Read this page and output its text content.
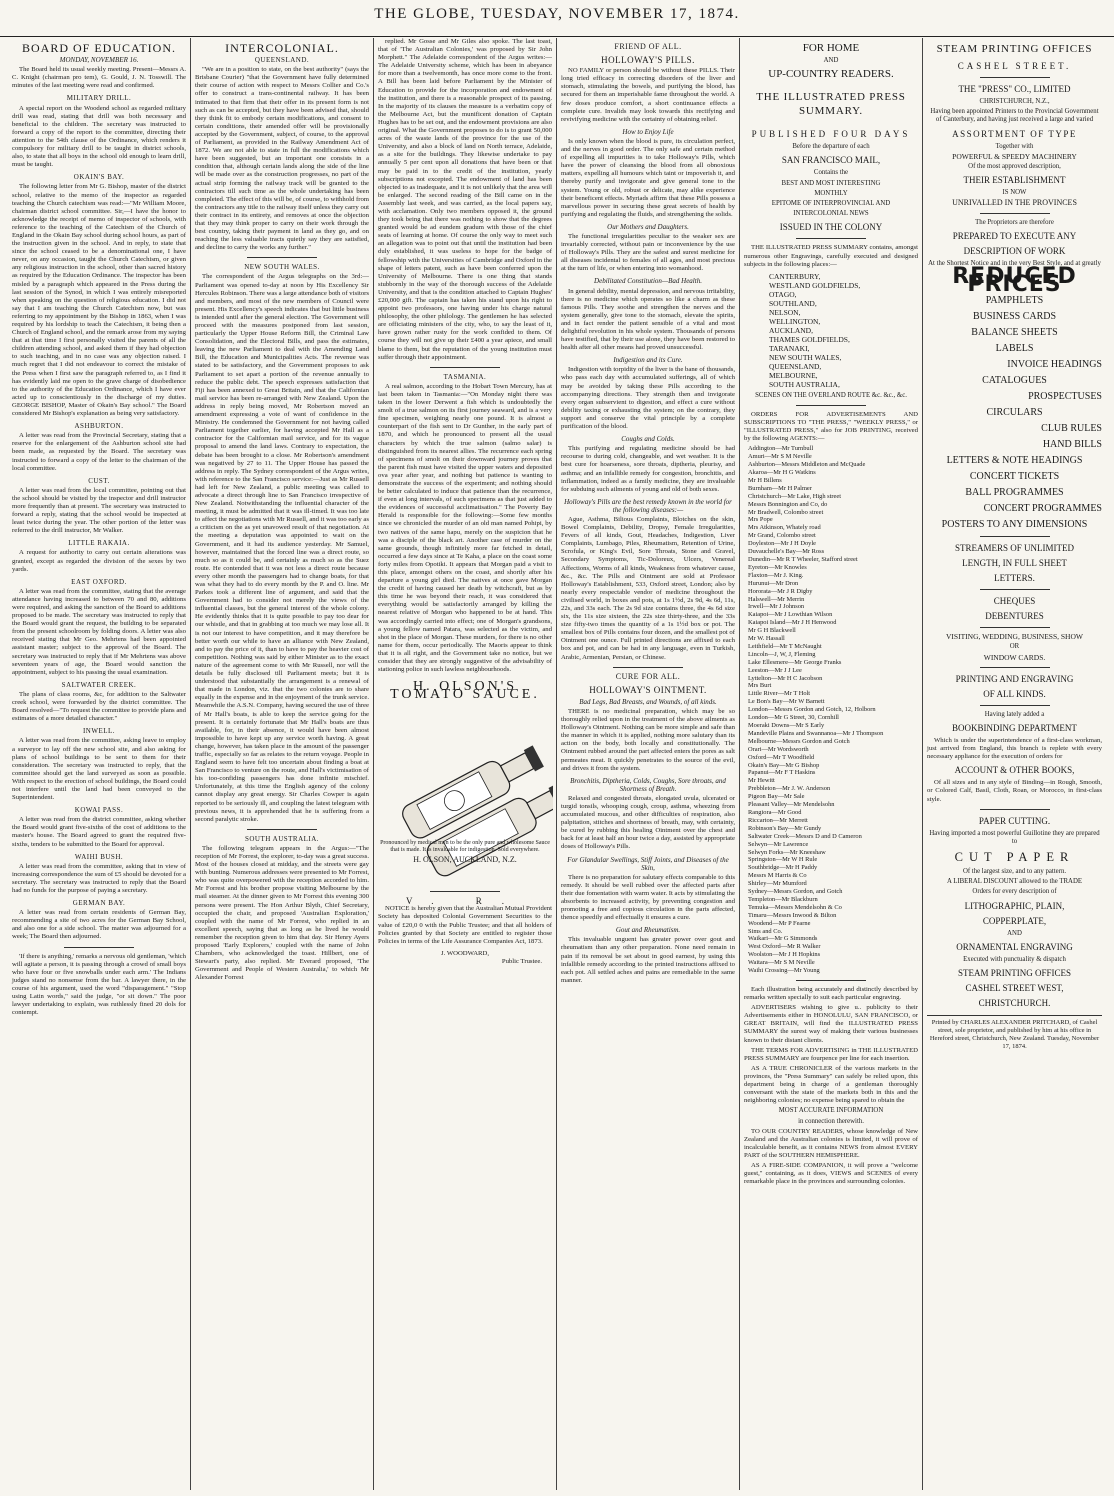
THE GLOBE, TUESDAY, NOVEMBER 17, 1874.
BOARD OF EDUCATION.
MONDAY, NOVEMBER 16.

The Board held its usual weekly meeting. Present—Messrs A. C. Knight (chairman pro tem), G. Gould, J. N. Tosswill. The minutes of the last meeting were read and confirmed.

MILITARY DRILL.

A special report on the Woodend school as regarded military drill was read, stating that drill was both necessary and beneficial to the children. The secretary was instructed to forward a copy of the report to the committee, directing their attention to the 54th clause of the Ordinance, which renders it compulsory for military drill to be taught in district schools, also, to state that all boys in the school old enough to learn drill, must be taught.

OKAIN'S BAY.

The following letter from Mr G. Bishop, master of the district school, relative to the memo of the inspector as regarded teaching the Church catechism was read:—"Mr William Moore, chairman district school committee. Sir,—I have the honor to acknowledge the receipt of memo of inspector of schools, with reference to the teaching of the Catechism of the Church of England in the Okain Bay school during school hours, as part of the instruction given in the school. And in reply, to state that since the school ceased to be a denominational one, I have never, on any occasion, taught the Church Catechism, or given any religious instruction in the school, other than sacred history as required by the Education Ordinance. The inspector has been misled by a paragraph which appeared in the Press during the last session of the Synod, in which I was entirely misreported when speaking on the question of religious education. I did not say that I am teaching the Church Catechism now, but was referring to my appointment by the Bishop in 1863, when I was required by his lordship to teach the Catechism, it being then a Church of England school, and the remark arose from my saying that at that time I first personally visited the parents of all the children attending school, and asked them if they had objection to such teaching, and in no case was any objection raised. I much regret that I did not endeavour to correct the mistake of the Press when I first saw the paragraph referred to, as I find it has evidently laid me open to the grave charge of disobedience to the authority of the Education Ordinance, which I have ever acted up to conscientiously in the discharge of my duties. GEORGE BISHOP, Master of Okain's Bay school." The Board considered Mr Bishop's explanation as being very satisfactory.

ASHBURTON.

A letter was read from the Provincial Secretary, stating that a reserve for the enlargement of the Ashburton school site had been made, as requested by the Board. The secretary was instructed to forward a copy of the letter to the chairman of the local committee.

CUST.

A letter was read from the local committee, pointing out that the school should be visited by the inspector and drill instructor more frequently than at present. The secretary was instructed to forward a reply, stating that the school would be inspected at least twice during the year. The other portion of the letter was referred to the drill instructor, Mr Walker.

LITTLE RAKAIA.

A request for authority to carry out certain alterations was granted, except as regarded the division of the sexes by two yards.

EAST OXFORD.

A letter was read from the committee, stating that the average attendance having increased to between 70 and 80, additions were required, and asking the sanction of the Board to additions proposed to be made. The secretary was instructed to reply that the Board would grant the request, the building to be separated from the present schoolroom by folding doors. A letter was also received stating that Mr Geo. Mehrtens had been appointed assistant master; subject to the approval of the Board. The secretary was instructed to reply that if Mr Mehrtens was above seventeen years of age, the Board would sanction the appointment, subject to his passing the usual examination.

SALTWATER CREEK.

The plans of class rooms, &c, for addition to the Saltwater creek school, were forwarded by the district committee. The Board resolved—"To request the committee to provide plans and estimates of a more detailed character."

INWELL.

A letter was read from the committee, asking leave to employ a surveyor to lay off the new school site, and also asking for plans of school buildings to be sent to them for their consideration. The secretary was instructed to reply, that the committee should get the land surveyed as soon as possible. With respect to the erection of school buildings, the Board could not interfere until the land had been conveyed to the Superintendent.

KOWAI PASS.

A letter was read from the district committee, asking whether the Board would grant five-sixths of the cost of additions to the master's house. The Board agreed to grant the required five-sixths, tenders to be submitted to the Board for approval.

WAIHI BUSH.

A letter was read from the committee, asking that in view of increasing correspondence the sum of £5 should be devoted for a secretary. The secretary was instructed to reply that the Board had no funds for the purpose of paying a secretary.

GERMAN BAY.

A letter was read from certain residents of German Bay, recommending a site of two acres for the German Bay School, and also one for a side school. The matter was adjourned for a week; The Board then adjourned.

'If there is anything,' remarks a nervous old gentleman, 'which will agitate a person, it is passing through a crowd of small boys who have four or five snowballs under each arm.' The Indians judges stand no nonsense from the bar. A lawyer there, in the course of his argument, used the word "disparagement." "Stop using Latin words," said the judge, "or sit down." The poor lawyer undertaking to explain, was ruthlessly fined 20 dols for contempt.

INTERCOLONIAL.
QUEENSLAND.

"We are in a position to state, on the best authority" (says the Brisbane Courier) "that the Government have fully determined their course of action with respect to Messrs Collier and Co.'s offer to construct a trans-continental railway. It has been intimated to that firm that their offer in its present form is not such as can be accepted, but they have been advised that, should they think fit to embody certain modifications, and consent to certain conditions, their amended offer will be provisionally accepted by the Government, subject, of course, to the approval of Parliament, as provided in the Railway Amendment Act of 1872. We are not able to state in full the modifications which have been suggested, but an important one consists in a condition that, although certain lands along the side of the line will be made over as the construction progresses, no part of the actual strip forming the railway track will be granted to the contractors till such time as the whole undertaking has been completed. The effect of this will be, of course, to withhold from the contractors any title to the railway itself unless they carry out their contract in its entirety, and removes at once the objection that they may think proper to carry on their work through the best country, taking their payment in land as they go, and on reaching the less valuable tracts quietly say they are satisfied, and decline to carry the works any further."

NEW SOUTH WALES.

The correspondent of the Argus telegraphs on the 3rd:—Parliament was opened to-day at noon by His Excellency Sir Hercules Robinson. There was a large attendance both of visitors and members, and most of the new members of Council were present. His Excellency's speech indicates that but little business is intended until after the general election. The Government will proceed with the measures postponed from last session, particularly the Upper House Reform Bill, the Criminal Law Consolidation, and the Electoral Bills, and pass the estimates, leaving the new Parliament to deal with the Amending Land Bill, the Education and Municipalities Acts. The revenue was stated to be satisfactory, and the Government proposes to ask Parliament to set apart a portion of the revenue annually to reduce the public debt. The speech expresses satisfaction that Fiji has been annexed to Great Britain, and that the Californian mail service has been re-arranged with New Zealand. Upon the address in reply being moved, Mr Robertson moved an amendment expressing a vote of want of confidence in the Ministry. He condemned the Government for not having called Parliament together earlier, for having accepted Mr Hall as a contractor for the Californian mail service, and for its vague proposal to amend the land laws. Contrary to expectation, the debate has been brought to a close. Mr Robertson's amendment was negatived by 27 to 11. The Upper House has passed the address in reply. The Sydney correspondent of the Argus writes, with reference to the San Francisco service:—Just as Mr Russell had left for New Zealand, a public meeting was called to advocate a direct through line to San Francisco irrespective of New Zealand. Notwithstanding the influential character of the meeting, it must be admitted that it was ill-timed. It was too late to affect the negotiations with Mr Russell, and it was too early as a criticism on the as yet unavowed result of that negotiation. At the meeting a deputation was appointed to wait on the Government, and it had its audience yesterday. Mr Samuel, however, maintained that the forced line was a direct route, so much so as it could be, and certainly as much so as the Suez route. He contended that it was not less a direct route because every other month the passengers had to change boats, for that was what they had to do every month by the P. and O. line. Mr Parkes took a different line of argument, and said that the Government had to consider not merely the views of the influential classes, but the general interest of the whole colony. He evidently thinks that it is quite possible to pay too dear for our whistle, and that in grabbing at too much we may lose all. It is not our interest to have competition, and it may therefore be better worth our while to have an alliance with New Zealand, and to pay the price of it, than to have to pay the heavier cost of competition. Nothing was said by either Minister as to the exact nature of the agreement come to with Mr Russell, nor will the details be fully disclosed till Parliament meets; but it is understood that substantially the arrangement is a renewal of that made in London, viz. that the two colonies are to share equally in the expense and in the enjoyment of the trunk service. Meanwhile the A.S.N. Company, having secured the use of three of Mr Hall's boats, is able to keep the service going for the present. It is certainly fortunate that Mr Hall's boats are thus available, for, in their absence, it would have been almost impossible to have kept up any service worth having. A great change, however, has taken place in the amount of the passenger traffic, especially so far as relates to the return voyage. People in England seem to have felt too uncertain about finding a boat at San Francisco to venture on the route, and Hall's victimisation of his too-confiding passengers has done infinite mischief. Unfortunately, at this time the English agency of the colony cannot display any great energy. Sir Charles Cowper is again reported to be seriously ill, and coupling the latest telegram with previous news, it is apprehended that he is suffering from a second paralytic stroke.

SOUTH AUSTRALIA.

The following telegram appears in the Argus:—"The reception of Mr Forrest, the explorer, to-day was a great success. Most of the houses closed at midday, and the streets were gay with bunting. Numerous addresses were presented to Mr Forrest, who was quite overpowered with the reception accorded to him. Mr Forrest and his brother propose visiting Melbourne by the mail steamer. At the dinner given to Mr Forrest this evening 300 persons were present. The Hon Arthur Blyth, Chief Secretary, occupied the chair, and proposed 'Australian Exploration,' coupled with the name of Mr Forrest, who replied in an excellent speech, saying that as long as he lived he would remember the reception given to him that day. Sir Henry Ayers proposed 'Early Explorers,' coupled with the name of John Chambers, who acknowledged the toast. Hillbert, one of Stewart's party, also replied. Mr Everard proposed, 'The Government and People of Western Australia,' to which Mr Alexander Forrest

replied. Mr Gosse and Mr Giles also spoke. The last toast, that of 'The Australian Colonies,' was proposed by Sir John Morphett." The Adelaide correspondent of the Argus writes:—The Adelaide University scheme, which has been in abeyance for more than a twelvemonth, has once more come to the front. A Bill has been laid before Parliament by the Minister of Education to provide for the incorporation and endowment of the institution, and there is a reasonable prospect of its passing. In the majority of its clauses the measure is a verbatim copy of the Melbourne Act, but the munificent donation of Captain Hughes has to be set out, and the endowment provisions are also original. What the Government proposes to do is to grant 50,000 acres of the waste lands of the province for the use of the University, and also a block of land on North terrace, Adelaide, as a site for the buildings. They likewise undertake to pay annually 5 per cent upon all donations that have been or that may be paid in to the credit of the institution, yearly subscriptions not excepted. The endowment of land has been objected to as inadequate, and it is not unlikely that the area will be enlarged. The second reading of the Bill came on in the Assembly last week, and was carried, as the local papers say, with acclamation. Only two members opposed it, the ground they took being that there was nothing to show that the degrees granted would be ad eundem gradum with those of the chief seats of learning at home. Of course the only way to meet such an allegation was to point out that until the institution had been duly established, it was useless to hope for the badge of fellowship with the Universities of Cambridge and Oxford in the shape of letters patent, such as have been conferred upon the University of Melbourne. There is one thing that stands stubbornly in the way of the thorough success of the Adelaide University, and that is the condition attached to Captain Hughes' £20,000 gift. The captain has taken his stand upon his right to appoint two professors, one having under his charge natural philosophy, the other philology. The gentlemen he has selected are officiating ministers of the city, who, to say the least of it, have grown rather rusty for the work confided to them. Of course they will not give up their £400 a year apiece, and small blame to them, but the reputation of the young institution must suffer through their appointment.

TASMANIA.

A real salmon, according to the Hobart Town Mercury, has at last been taken in Tasmania:—"On Monday night there was taken in the lower Derwent a fish which is undoubtedly the smolt of a true salmon on its first journey seaward, and is a very fine specimen, weighing nearly one pound. It is almost a counterpart of the fish sent to Dr Gunther, in the early part of 1870, and which he pronounced to present all the usual characters by which the true salmon (salmo salar) is distinguished from its nearest allies. The recurrence each spring of specimens of smolt on their downward journey proves that the parent fish must have visited the upper waters and deposited ova year after year, and nothing but patience is wanting to demonstrate the success of the experiment; and nothing should be better calculated to induce that patience than the recurrence, if even at long intervals, of such specimens as that just added to the evidences of successful acclimatisation." The Poverty Bay Herald is responsible for the following:—Some few months since we chronicled the murder of an old man named Pohipi, by two natives of the same hapu, merely on the suspicion that he was a disciple of the black art. Another case of murder on the same grounds, though infinitely more far fetched in detail, occurred a few days since at Te Kaha, a place on the coast some forty miles from Opotiki. It appears that Morgan paid a visit to this place, amongst others on the coast, and shortly after his departure a young girl died. The natives at once gave Morgan the credit of having caused her death by witchcraft, but as by this time he was beyond their reach, it was considered that everything would be satisfactorily arranged by killing the nearest relative of Morgan who happened to be at hand. This was accordingly carried into effect; one of Morgan's grandsons, a young fellow named Patara, was selected as the victim, and shot in the place of Morgan. These murders, for there is no other name for them, occur periodically. The Maoris appear to think that it is all right, and the Government take no notice, but we consider that they are strongly suggestive of the advisability of stationing police in such lawless neighbourhoods.

H. OLSON'S TOMATO SAUCE.
Pronounced by medical men to be the only pure and wholesome Sauce that is made. It is invaluable for indigestion. Sold everywhere.
H. OLSON, AUCKLAND, N.Z.
V. R.

NOTICE is hereby given that the Australian Mutual Provident Society has deposited Colonial Government Securities to the value of £20,0 0 with the Public Trustee; and that all holders of Policies granted by that Society are entitled to register those Policies in terms of the Life Assurance Companies Act, 1873.

J. WOODWARD,
Public Trustee.
FRIEND OF ALL.
HOLLOWAY'S PILLS.

NO FAMILY or person should be without these PILLS. Their long tried efficacy in correcting disorders of the liver and stomach, stimulating the bowels, and purifying the blood, has secured for them an imperishable fame throughout the world. A few doses produce comfort, a short continuance effects a complete cure. Invalids may look towards this rectifying and revivifying medicine with the certainty of obtaining relief.

How to Enjoy Life

Is only known when the blood is pure, its circulation perfect, and the nerves in good order. The only safe and certain method of expelling all impurities is to take Holloway's Pills, which have the power of cleansing the blood from all obnoxious matters, expelling all humours which taint or impoverish it, and thereby purify and invigorate and give general tone to the system. Young or old, robust or delicate, may alike experience their beneficent effects. Myriads affirm that these Pills possess a marvellous power in securing these great secrets of health by purifying and regulating the fluids, and strengthening the solids.

Our Mothers and Daughters.

The functional irregularities peculiar to the weaker sex are invariably corrected, without pain or inconvenience by the use of Holloway's Pills. They are the safest and surest medicine for all diseases incidental to females of all ages, and most precious at the turn of life, or when entering into womanhood.

Debilitated Constitution—Bad Health.

In general debility, mental depression, and nervous irritability, there is no medicine which operates so like a charm as these famous Pills. They soothe and strengthen the nerves and the system generally, give tone to the stomach, elevate the spirits, and in fact render the patient sensible of a vital and most delightful revolution in his whole system. Thousands of persons have testified, that by their use alone, they have been restored to health after all other means had proved unsuccessful.

Indigestion and its Cure.

Indigestion with torpidity of the liver is the bane of thousands, who pass each day with accumulated sufferings, all of which may be avoided by taking these Pills according to the accompanying directions. They strength then and invigorate every organ subservient to digestion, and effect a cure without debility taxing or exhausting the system; on the contrary, they support and conserve the vital principle by a complete purification of the blood.

Coughs and Colds.

This purifying and regulating medicine should be had recourse to during cold, changeable, and wet weather. It is the best cure for hoarseness, sore throats, diptheria, pleurisy, and asthma; and an infallible remedy for congestion, bronchitis, and inflammation, indeed as a family medicine, they are invaluable for subduing such ailments of young and old of both sexes.

Holloway's Pills are the best remedy known in the world for the following diseases:—

Ague, Asthma, Bilious Complaints, Blotches on the skin, Bowel Complaints, Debility, Dropsy, Female Irregularities, Fevers of all kinds, Gout, Headaches, Indigestion, Liver Complaints, Lumbago, Piles, Rheumatism, Retention of Urine, Scrofula, or King's Evil, Sore Throats, Stone and Gravel, Secondary Symptoms, Tic-Doloreux, Ulcers, Venereal Affections, Worms of all kinds, Weakness from whatever cause, &c., &c. The Pills and Ointment are sold at Professor Holloway's Establishment, 533, Oxford street, London; also by nearly every respectable vendor of medicine throughout the civilised world, in boxes and pots, at 1s 1½d, 2s 9d, 4s 6d, 11s, 22s, and 33s each. The 2s 9d size contains three, the 4s 6d size six, the 11s size sixteen, the 22s size thirty-three, and the 33s size fifty-two times the quantity of a 1s 1½d box or pot. The smallest box of Pills contains four dozen, and the smallest pot of Ointment one ounce. Full printed directions are affixed to each box and pot, and can be had in any language, even in Turkish, Arabic, Armenian, Persian, or Chinese.

CURE FOR ALL.
HOLLOWAY'S OINTMENT.
Bad Legs, Bad Breasts, and Wounds, of all kinds.

THERE is no medicinal preparation, which may be so thoroughly relied upon in the treatment of the above ailments as Holloway's Ointment. Nothing can be more simple and safe than the manner in which it is applied, nothing more salutary than its action on the body, both locally and constitutionally. The Ointment rubbed around the part affected enters the pores as salt permeates meat. It quickly penetrates to the source of the evil, and drives it from the system.

Bronchitis, Diptheria, Colds, Coughs, Sore throats, and Shortness of Breath.

Relaxed and congested throats, elongated uvula, ulcerated or turgid tonsils, whooping cough, croup, asthma, wheezing from accumulated mucous, and other difficulties of respiration, also palpitation, stitches and shortness of breath, may, with certainty, be cured by rubbing this healing Ointment over the chest and back for at least half an hour twice a day, assisted by appropriate doses of Holloway's Pills.

For Glandular Swellings, Stiff Joints, and Diseases of the Skin,

There is no preparation for salutary effects comparable to this remedy. It should be well rubbed over the affected parts after their due fomentation with warm water. It acts by stimulating the absorbents to increased activity, by preventing congestion and promoting a free and copious circulation in the parts affected, thence speedily and effectually it ensures a cure.

Gout and Rheumatism.

This invaluable unguent has greater power over gout and rheumatism than any other preparation. None need remain in pain if its removal be set about in good earnest, by using this infallible remedy according to the printed instructions affixed to each pot. All settled aches and pains are remediable in the same manner.

FOR HOME
AND
UP-COUNTRY READERS.
THE ILLUSTRATED PRESS SUMMARY.
PUBLISHED FOUR DAYS
Before the departure of each
SAN FRANCISCO MAIL,
Contains the
BEST AND MOST INTERESTING
MONTHLY
EPITOME OF INTERPROVINCIAL AND
INTERCOLONIAL NEWS
ISSUED IN THE COLONY

THE ILLUSTRATED PRESS SUMMARY contains, amongst numerous other Engravings, carefully executed and designed subjects in the following places:—

CANTERBURY,
WESTLAND GOLDFIELDS,
OTAGO,
SOUTHLAND,
NELSON,
WELLINGTON,
AUCKLAND,
THAMES GOLDFIELDS,
TARANAKI,
NEW SOUTH WALES,
QUEENSLAND,
MELBOURNE,
SOUTH AUSTRALIA,
SCENES ON THE OVERLAND ROUTE &c. &c., &c.

ORDERS FOR ADVERTISEMENTS AND SUBSCRIPTIONS TO "THE PRESS," "WEEKLY PRESS," or "ILLUSTRATED PRESS," also for JOB PRINTING, received by the following AGENTS:—

Addington—Mr Turnbull
Amuri—Mr S M Neville
Ashburton—Messrs Middleton and McQuade
Akaroa—Mr H G Watkins
Mr H Billens
Burnham—Mr H Palmer
Christchurch—Mr Lake, High street
Messrs Bonnington and Co, do
Mr Bradwell, Colombo street
Mrs Pope
Mrs Atkinson, Whately road
Mr Grand, Colombo street
Doyleston—Mr J H Doyle
Duvauchelle's Bay—Mr Ross
Dunedin—Mr R T Wheeler, Stafford street
Eyreton—Mr Knowles
Flaxton—Mr J. King.
Hurunui—Mr Dron
Hororata—Mr J R Digby
Halswell—Mr Merrin
Irwell—Mr J Johnson
Kaiapoi—Mr J Lowthian Wilson
Kaiapoi Island—Mr J H Henwood
Mr G H Blackwell
Mr W. Hassall
Leithfield—Mr T McNaught
Lincoln—J, W, J, Fleming
Lake Ellesmere—Mr George Franks
Leeston—Mr J J Lee
Lyttelton—Mr H C Jacobson
Mrs Burt
Little River—Mr T Holt
Le Bon's Bay—Mr W Barnett
London—Messrs Gordon and Gotch, 12, Holborn
London—Mr G Street, 30, Cornhill
Moeraki Downs—Mr S Early
Mandeville Plains and Swannanoa—Mr J Thompson
Melbourne—Messrs Gordon and Gotch
Orari—Mr Wordsworth
Oxford—Mr T Woodfield
Okain's Bay—Mr G Bishop
Papanui—Mr F T Haskins
Mr Hewitt
Prebbleton—Mr J. W. Anderson
Pigeon Bay—Mr Sale
Pleasant Valley—Mr Mendelsohn
Rangiora—Mr Good
Riccarton—Mr Merrett
Robinson's Bay—Mr Gundy
Saltwater Creek—Messrs D and D Cameron
Selwyn—Mr Lawrence
Selwyn Forks—Mr Kneeshaw
Springston—Mr W H Rule
Southbridge—Mr H Paddy
Messrs M Harris & Co
Shirley—Mr Mumford
Sydney—Messrs Gordon, and Gotch
Templeton—Mr Blackburn
Temuka—Messrs Mendelsohn & Co
Timaru—Messrs Inwood & Bilton
Woodend—Mr P Fearne
Sims and Co.
Waikari—Mr G Simmonds
West Oxford—Mr R Walker
Woolston—Mr J H Hopkins
Waitara—Mr S M Neville
Waihi Crossing—Mr Young

Each illustration being accurately and distinctly described by remarks written specially to suit each particular engraving.

ADVERTISERS wishing to give u.. publicity to their Advertisements either in HONOLULU, SAN FRANCISCO, or GREAT BRITAIN, will find the ILLUSTRATED PRESS SUMMARY the surest way of making their various businesses known to their distant clients.

THE TERMS FOR ADVERTISING in THE ILLUSTRATED PRESS SUMMARY are fourpence per line for each insertion.

AS A TRUE CHRONICLER of the various markets in the provinces, the "Press Summary" can safely be relied upon, this department being in charge of a gentleman thoroughly conversant with the state of the markets both in this and the neighboring colonies; no expense being spared to obtain the

MOST ACCURATE INFORMATION
in connection therewith.

TO OUR COUNTRY READERS, whose knowledge of New Zealand and the Australian colonies is limited, it will prove of incalculable benefit, as it contains NEWS from almost EVERY PART of the SOUTHERN HEMISPHERE.

AS A FIRE-SIDE COMPANION, it will prove a "welcome guest," containing, as it does, VIEWS and SCENES of every remarkable place in the provinces and surrounding colonies.

STEAM PRINTING OFFICES
CASHEL STREET.
THE "PRESS" CO., LIMITED
CHRISTCHURCH, N.Z.,
Having been appointed Printers to the Provincial Government of Canterbury, and having just received a large and varied
ASSORTMENT OF TYPE
Together with
POWERFUL & SPEEDY MACHINERY
Of the most approved description,
THEIR ESTABLISHMENT
IS NOW
UNRIVALLED IN THE PROVINCES
The Proprietors are therefore
PREPARED TO EXECUTE ANY
DESCRIPTION OF WORK
At the Shortest Notice and in the very Best Style, and at greatly
REDUCED PRICES
PAMPHLETS
BUSINESS CARDS
BALANCE SHEETS
LABELS
INVOICE HEADINGS
CATALOGUES
PROSPECTUSES
CIRCULARS
CLUB RULES
HAND BILLS
LETTERS & NOTE HEADINGS
CONCERT TICKETS
BALL PROGRAMMES
CONCERT PROGRAMMES
POSTERS TO ANY DIMENSIONS
STREAMERS OF UNLIMITED
LENGTH, IN FULL SHEET
LETTERS.
CHEQUES
DEBENTURES
VISITING, WEDDING, BUSINESS, SHOW
OR
WINDOW CARDS.
PRINTING AND ENGRAVING
OF ALL KINDS.
Having lately added a
BOOKBINDING DEPARTMENT

Which is under the superintendence of a first-class workman, just arrived from England, this branch is replete with every necessary appliance for the execution of orders for

ACCOUNT & OTHER BOOKS,

Of all sizes and in any style of Binding—in Rough, Smooth, or Colored Calf, Basil, Cloth, Roan, or Morocco, in first-class style.

PAPER CUTTING.
Having imported a most powerful Guillotine they are prepared to
CUT PAPER
Of the largest size, and to any pattern.
A LIBERAL DISCOUNT allowed to the TRADE
Orders for every description of
LITHOGRAPHIC, PLAIN,
COPPERPLATE,
AND
ORNAMENTAL ENGRAVING
Executed with punctuality & dispatch
STEAM PRINTING OFFICES
CASHEL STREET WEST,
CHRISTCHURCH.
Printed by CHARLES ALEXANDER PRITCHARD, of Cashel street, sole proprietor, and published by him at his office in Hereford street, Christchurch, New Zealand. Tuesday, November 17, 1874.
